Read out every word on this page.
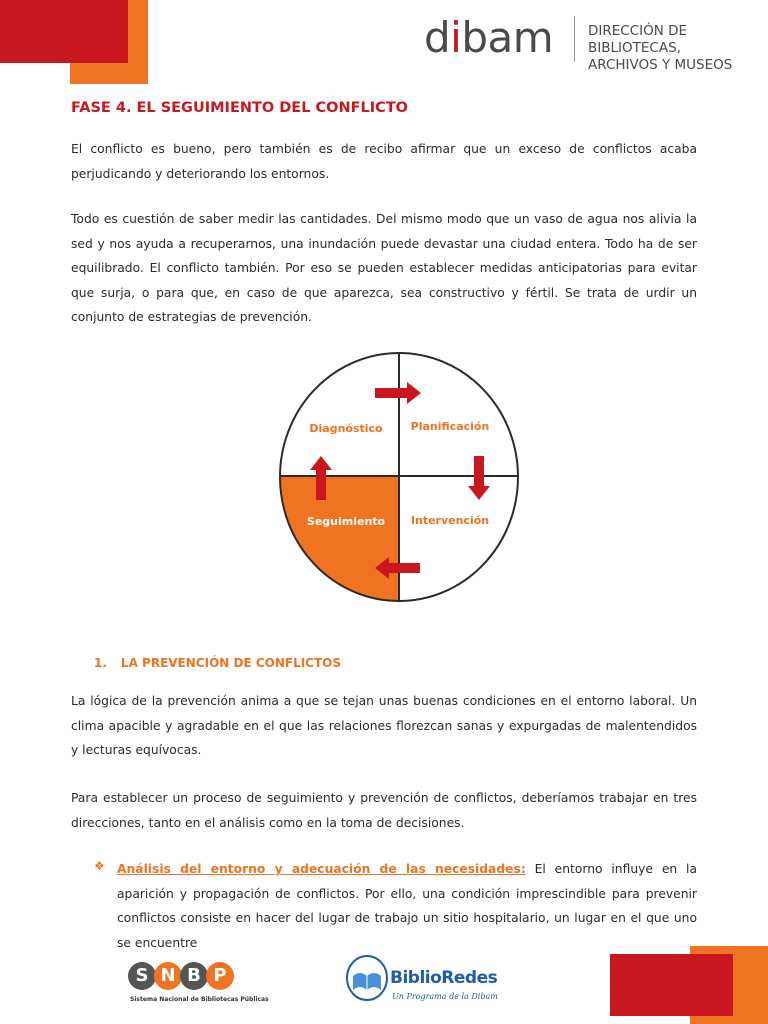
dibam	DIRECCIÓN DE BIBLIOTECAS,
ARCHIVOS Y MUSEOS
FASE 4. EL SEGUIMIENTO DEL CONFLICTO
El conflicto es bueno, pero también es de recibo afirmar que un exceso de conflictos acaba perjudicando y deteriorando los entornos.
Todo es cuestión de saber medir las cantidades. Del mismo modo que un vaso de agua nos alivia la sed y nos ayuda a recuperarnos, una inundación puede devastar una ciudad entera. Todo ha de ser equilibrado. El conflicto también. Por eso se pueden establecer medidas anticipatorias para evitar que surja, o para que, en caso de que aparezca, sea constructivo y fértil. Se trata de urdir un conjunto de estrategias de prevención.
Diagnóstico	Planificación
Seguimiento Intervención
1. LA PREVENCIÓN DE CONFLICTOS
La lógica de la prevención anima a que se tejan unas buenas condiciones en el entorno laboral. Un clima apacible y agradable en el que las relaciones florezcan sanas y expurgadas de malentendidos y lecturas equívocas.
Para establecer un proceso de seguimiento y prevención de conflictos, deberíamos trabajar en tres direcciones, tanto en el análisis como en la toma de decisiones.
❖ Análisis del entorno y adecuación de las necesidades: El entorno influye en la aparición y propagación de conflictos. Por ello, una condición imprescindible para prevenir conflictos consiste en hacer del lugar de trabajo un sitio hospitalario, un lugar en el que uno se encuentre
S N B P
Sistema Nacional de Bibliotecas Públicas
BiblioRedes
Un Programa de la Dibam
